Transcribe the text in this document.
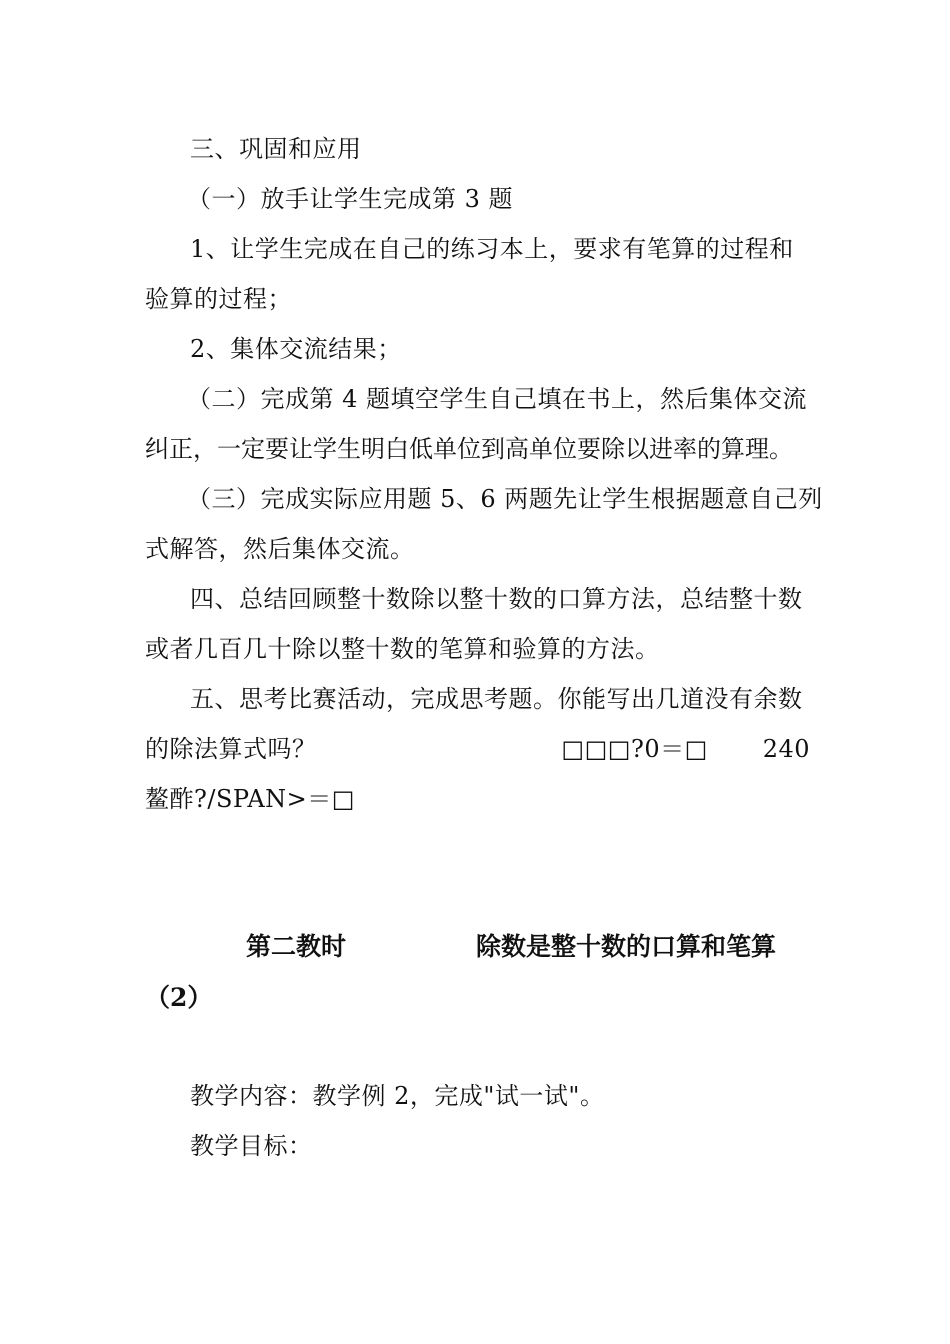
三、巩固和应用
（一）放手让学生完成第 3 题
1、让学生完成在自己的练习本上，要求有笔算的过程和
验算的过程；
2、集体交流结果；
（二）完成第 4 题填空学生自己填在书上，然后集体交流
纠正，一定要让学生明白低单位到高单位要除以进率的算理。
（三）完成实际应用题 5、6 两题先让学生根据题意自己列
式解答，然后集体交流。
四、总结回顾整十数除以整十数的口算方法，总结整十数
或者几百几十除以整十数的笔算和验算的方法。
五、思考比赛活动，完成思考题。你能写出几道没有余数
的除法算式吗？	□□□?0＝□ 240
鳌酢?/SPAN>＝□
第二教时	除数是整十数的口算和笔算
（2）
教学内容：教学例 2，完成"试一试"。
教学目标：
